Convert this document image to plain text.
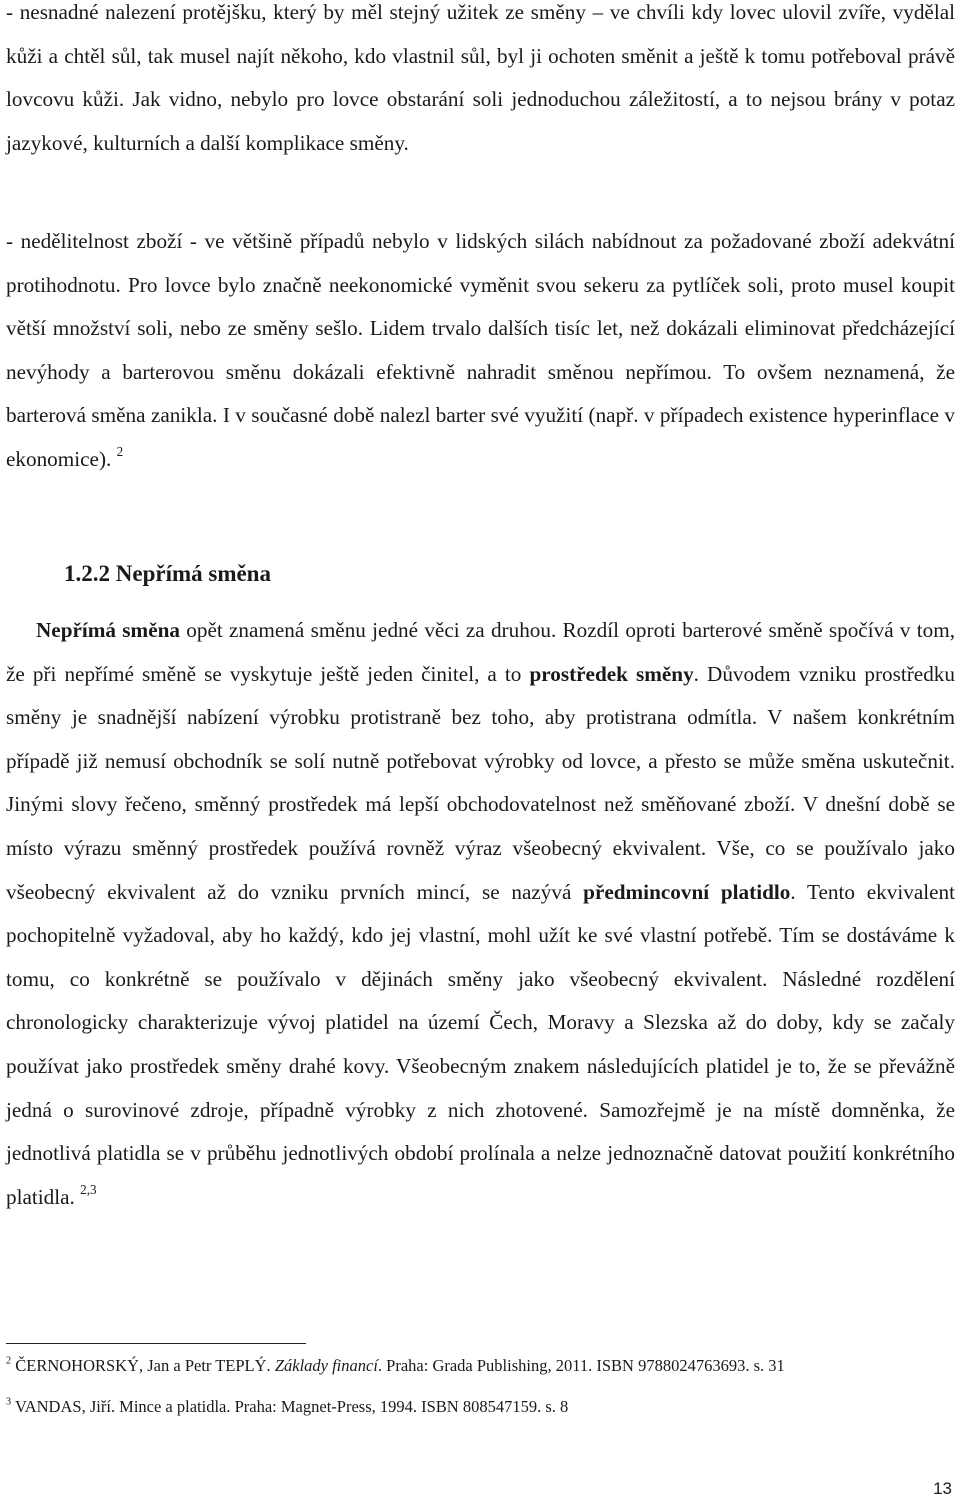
- nesnadné nalezení protějšku, který by měl stejný užitek ze směny – ve chvíli kdy lovec ulovil zvíře, vydělal kůži a chtěl sůl, tak musel najít někoho, kdo vlastnil sůl, byl ji ochoten směnit a ještě k tomu potřeboval právě lovcovu kůži. Jak vidno, nebylo pro lovce obstarání soli jednoduchou záležitostí, a to nejsou brány v potaz jazykové, kulturních a další komplikace směny.

- nedělitelnost zboží - ve většině případů nebylo v lidských silách nabídnout za požadované zboží adekvátní protihodnotu. Pro lovce bylo značně neekonomické vyměnit svou sekeru za pytlíček soli, proto musel koupit větší množství soli, nebo ze směny sešlo. Lidem trvalo dalších tisíc let, než dokázali eliminovat předcházející nevýhody a barterovou směnu dokázali efektivně nahradit směnou nepřímou. To ovšem neznamená, že barterová směna zanikla. I v současné době nalezl barter své využití (např. v případech existence hyperinflace v ekonomice). $^2$

1.2.2 Nepřímá směna

Nepřímá směna opět znamená směnu jedné věci za druhou. Rozdíl oproti barterové směně spočívá v tom, že při nepřímé směně se vyskytuje ještě jeden činitel, a to prostředek směny. Důvodem vzniku prostředku směny je snadnější nabízení výrobku protistraně bez toho, aby protistrana odmítla. V našem konkrétním případě již nemusí obchodník se solí nutně potřebovat výrobky od lovce, a přesto se může směna uskutečnit. Jinými slovy řečeno, směnný prostředek má lepší obchodovatelnost než směňované zboží. V dnešní době se místo výrazu směnný prostředek používá rovněž výraz všeobecný ekvivalent. Vše, co se používalo jako všeobecný ekvivalent až do vzniku prvních mincí, se nazývá předmincovní platidlo. Tento ekvivalent pochopitelně vyžadoval, aby ho každý, kdo jej vlastní, mohl užít ke své vlastní potřebě. Tím se dostáváme k tomu, co konkrétně se používalo v dějinách směny jako všeobecný ekvivalent. Následné rozdělení chronologicky charakterizuje vývoj platidel na území Čech, Moravy a Slezska až do doby, kdy se začaly používat jako prostředek směny drahé kovy. Všeobecným znakem následujících platidel je to, že se převážně jedná o surovinové zdroje, případně výrobky z nich zhotovené. Samozřejmě je na místě domněnka, že jednotlivá platidla se v průběhu jednotlivých období prolínala a nelze jednoznačně datovat použití konkrétního platidla. $^{2,3}$

$^2$ ČERNOHORSKÝ, Jan a Petr TEPLÝ. Základy financí. Praha: Grada Publishing, 2011. ISBN 9788024763693. s. 31

$^3$ VANDAS, Jiří. Mince a platidla. Praha: Magnet-Press, 1994. ISBN 808547159. s. 8

13
